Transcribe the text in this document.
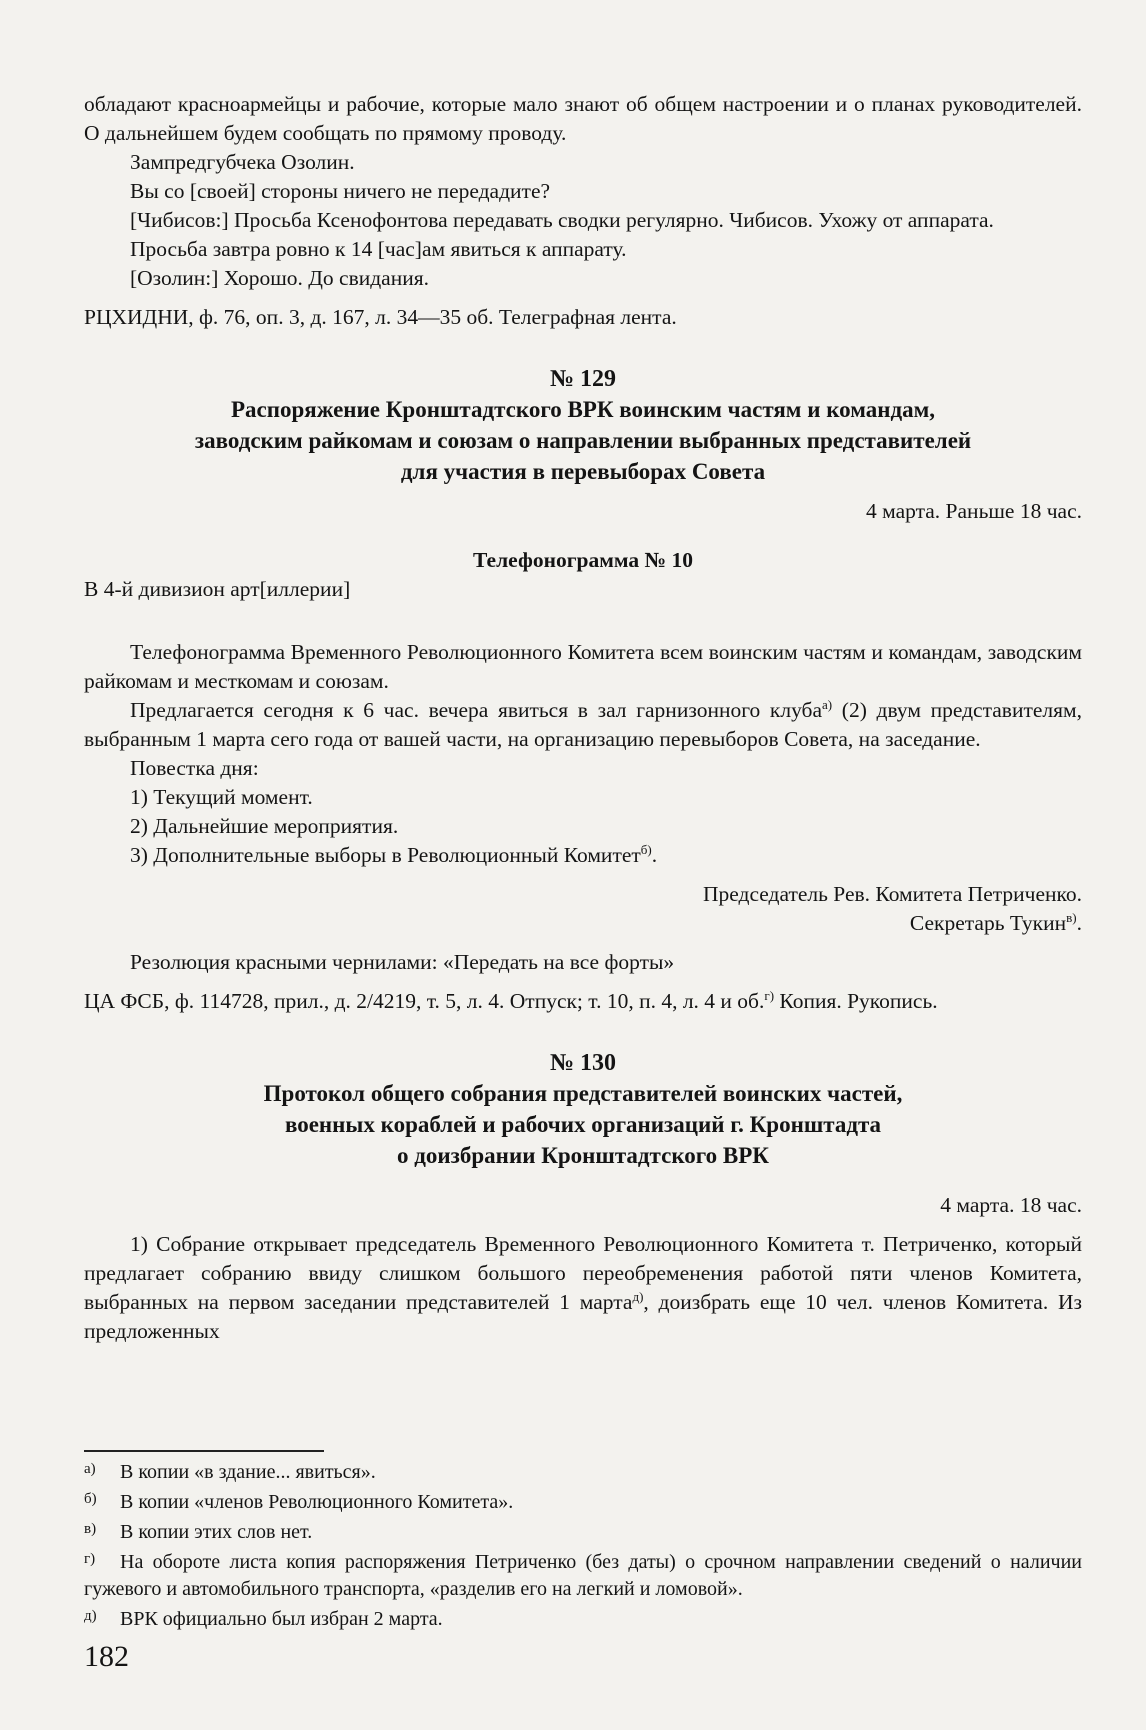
обладают красноармейцы и рабочие, которые мало знают об общем настроении и о планах руководителей. О дальнейшем будем сообщать по прямому проводу.

Зампредгубчека Озолин.

Вы со [своей] стороны ничего не передадите?

[Чибисов:] Просьба Ксенофонтова передавать сводки регулярно. Чибисов. Ухожу от аппарата.

Просьба завтра ровно к 14 [час]ам явиться к аппарату.

[Озолин:] Хорошо. До свидания.

РЦХИДНИ, ф. 76, оп. 3, д. 167, л. 34—35 об. Телеграфная лента.

№ 129
Распоряжение Кронштадтского ВРК воинским частям и командам,
заводским райкомам и союзам о направлении выбранных представителей
для участия в перевыборах Совета

4 марта. Раньше 18 час.

Телефонограмма № 10

В 4-й дивизион арт[иллерии]

Телефонограмма Временного Революционного Комитета всем воинским частям и командам, заводским райкомам и месткомам и союзам.

Предлагается сегодня к 6 час. вечера явиться в зал гарнизонного клуба$^{а)}$ (2) двум представителям, выбранным 1 марта сего года от вашей части, на организацию перевыборов Совета, на заседание.

Повестка дня:

1) Текущий момент.

2) Дальнейшие мероприятия.

3) Дополнительные выборы в Революционный Комитет$^{б)}$.

Председатель Рев. Комитета Петриченко.

Секретарь Тукин$^{в)}$.

Резолюция красными чернилами: «Передать на все форты»

ЦА ФСБ, ф. 114728, прил., д. 2/4219, т. 5, л. 4. Отпуск; т. 10, п. 4, л. 4 и об.$^{г)}$ Копия. Рукопись.

№ 130
Протокол общего собрания представителей воинских частей,
военных кораблей и рабочих организаций г. Кронштадта
о доизбрании Кронштадтского ВРК

4 марта. 18 час.

1) Собрание открывает председатель Временного Революционного Комитета т. Петриченко, который предлагает собранию ввиду слишком большого переобременения работой пяти членов Комитета, выбранных на первом заседании представителей 1 марта$^{д)}$, доизбрать еще 10 чел. членов Комитета. Из предложенных

а) В копии «в здание... явиться».

б) В копии «членов Революционного Комитета».

в) В копии этих слов нет.

г) На обороте листа копия распоряжения Петриченко (без даты) о срочном направлении сведений о наличии гужевого и автомобильного транспорта, «разделив его на легкий и ломовой».

д) ВРК официально был избран 2 марта.

182
